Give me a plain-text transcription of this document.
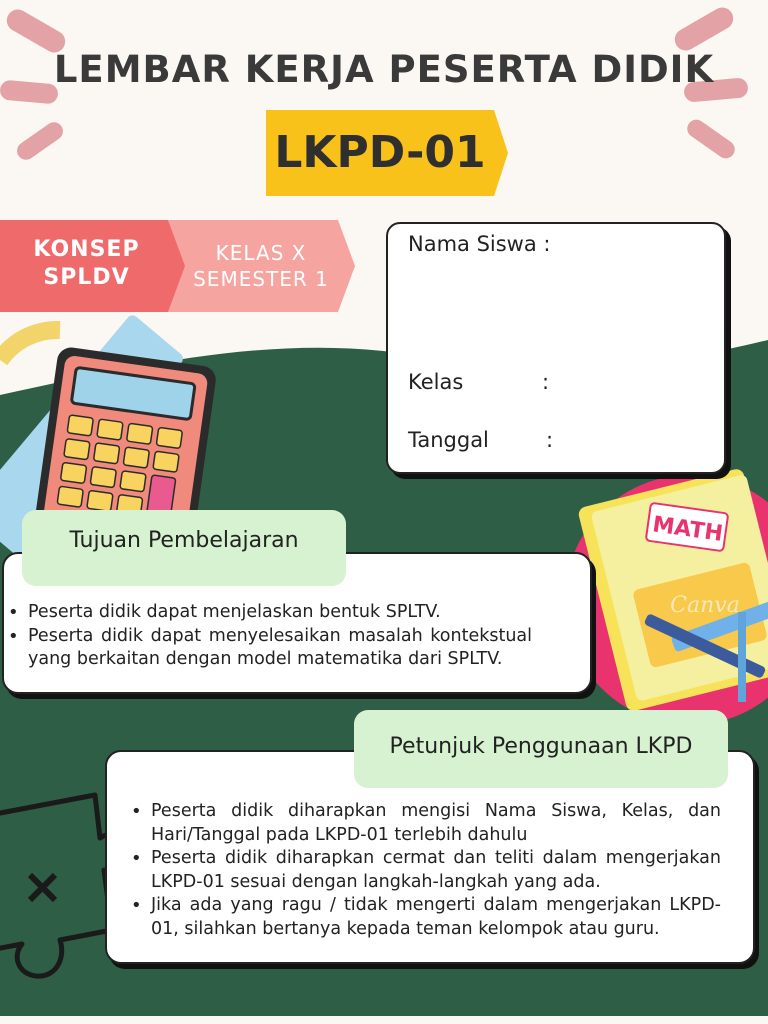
MATH
Canva
LEMBAR KERJA PESERTA DIDIK
LKPD-01
KONSEP
SPLDV
KELAS X
SEMESTER 1
Nama Siswa :
Kelas	:
Tanggal	:
• Peserta didik dapat menjelaskan bentuk SPLTV.
• Peserta didik dapat menyelesaikan masalah kontekstual yang berkaitan dengan model matematika dari SPLTV.
Tujuan Pembelajaran
• Peserta didik diharapkan mengisi Nama Siswa, Kelas, dan Hari/Tanggal pada LKPD-01 terlebih dahulu
• Peserta didik diharapkan cermat dan teliti dalam mengerjakan LKPD-01 sesuai dengan langkah-langkah yang ada.
• Jika ada yang ragu / tidak mengerti dalam mengerjakan LKPD-01, silahkan bertanya kepada teman kelompok atau guru.
Petunjuk Penggunaan LKPD
